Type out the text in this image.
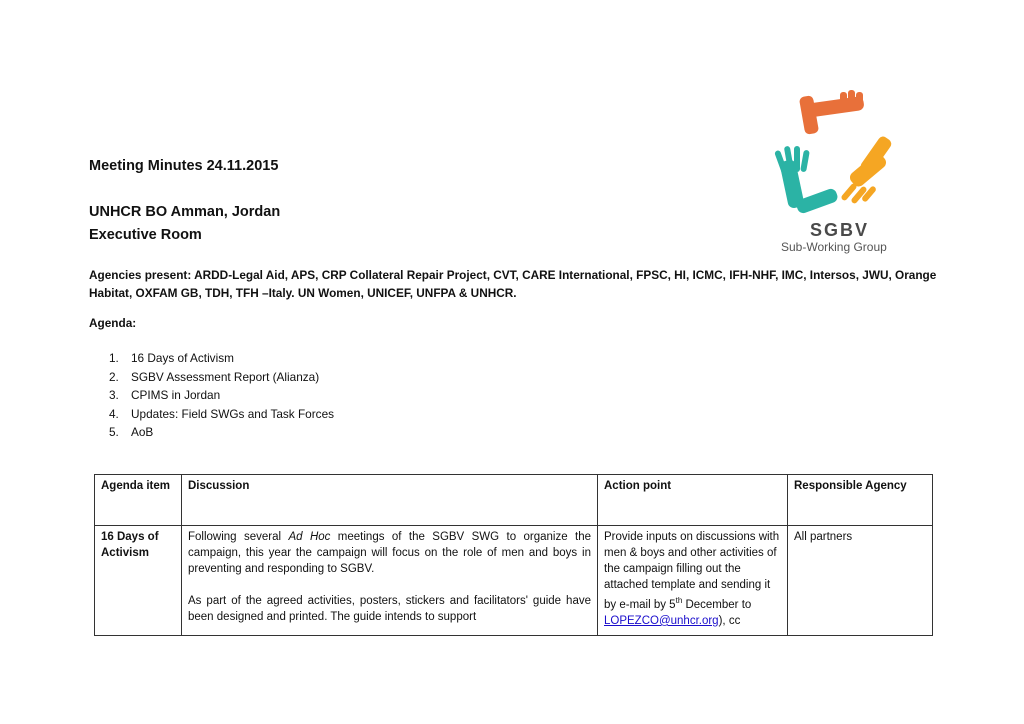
Meeting Minutes 24.11.2015
UNHCR BO Amman, Jordan
Executive Room	SGBV
Sub-Working Group
Agencies present: ARDD-Legal Aid, APS, CRP Collateral Repair Project, CVT, CARE International, FPSC, HI, ICMC, IFH-NHF, IMC, Intersos, JWU, Orange Habitat, OXFAM GB, TDH, TFH –Italy. UN Women, UNICEF, UNFPA & UNHCR.
Agenda:
1. 16 Days of Activism
2. SGBV Assessment Report (Alianza)
3. CPIMS in Jordan
4. Updates: Field SWGs and Task Forces
5. AoB
Agenda item	Discussion	Action point	Responsible Agency
16 Days of Activism	Following several Ad Hoc meetings of the SGBV SWG to organize the campaign, this year the campaign will focus on the role of men and boys in preventing and responding to SGBV.

As part of the agreed activities, posters, stickers and facilitators' guide have been designed and printed. The guide intends to support	Provide inputs on discussions with men & boys and other activities of the campaign filling out the attached template and sending it by e-mail by 5th December to LOPEZCO@unhcr.org), cc	All partners
